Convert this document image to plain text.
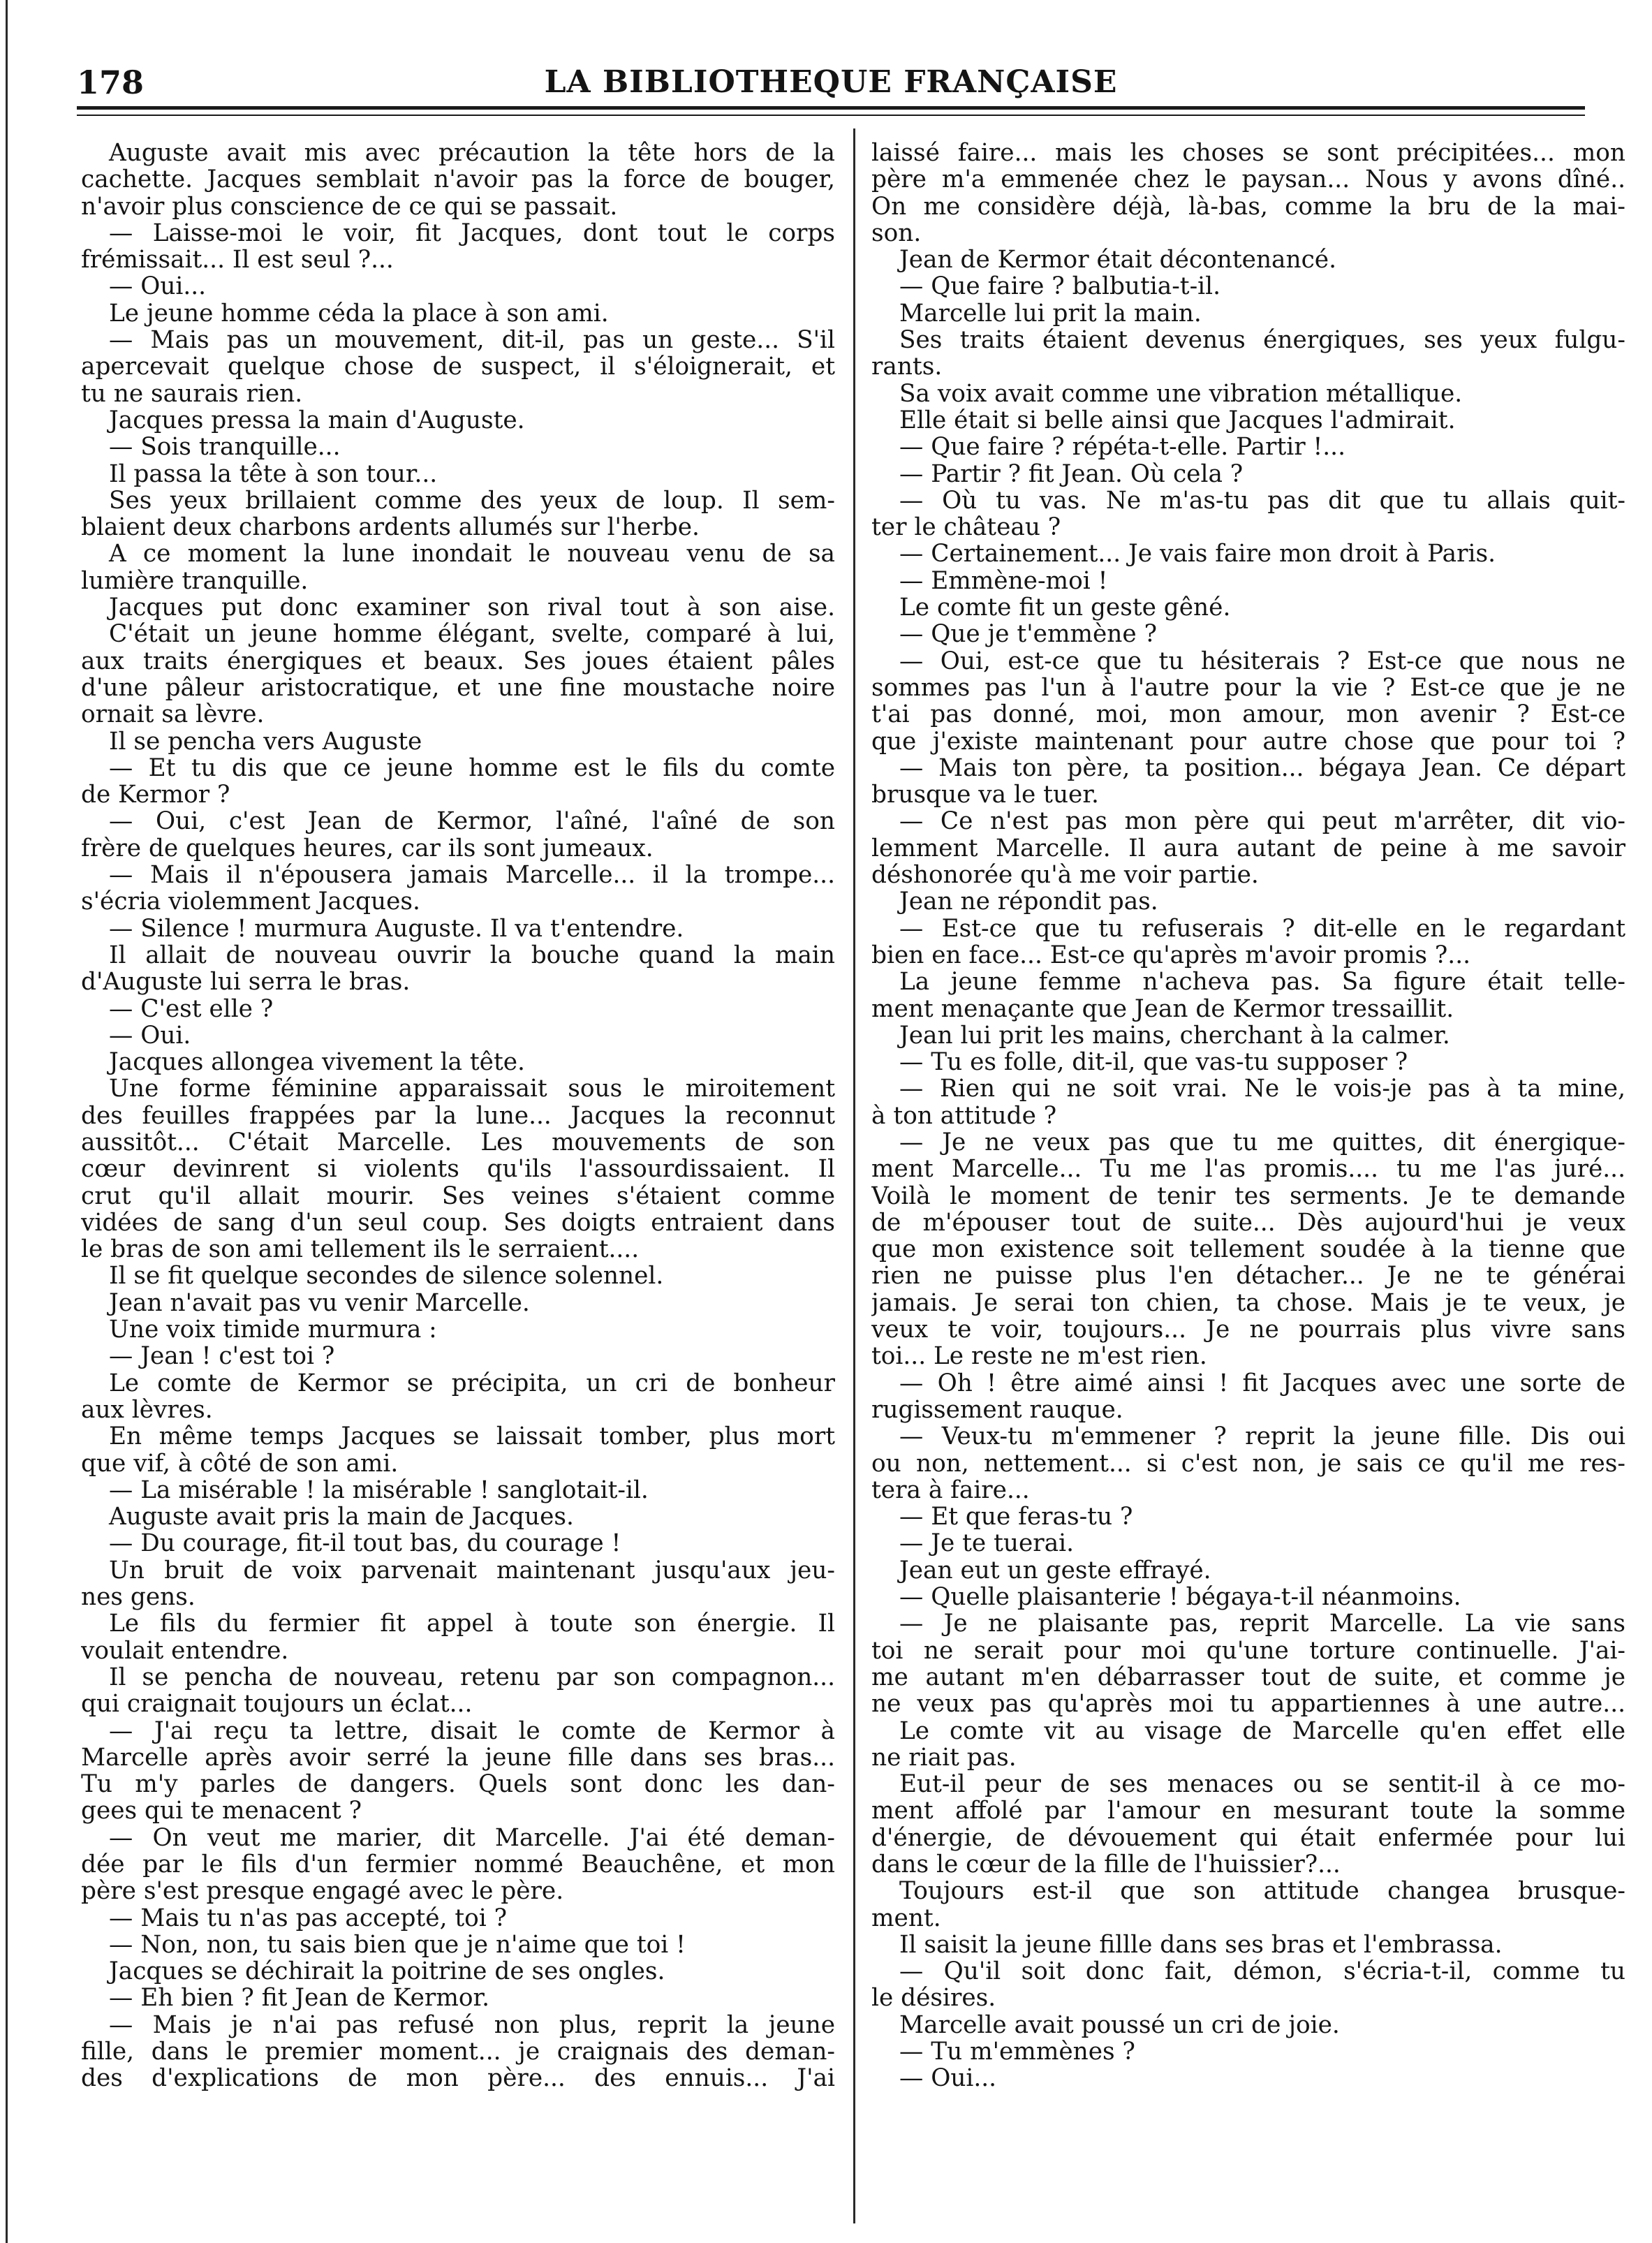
178	LA BIBLIOTHEQUE FRANÇAISE
Auguste avait mis avec précaution la tête hors de la
cachette. Jacques semblait n'avoir pas la force de bouger,
n'avoir plus conscience de ce qui se passait.
— Laisse-moi le voir, fit Jacques, dont tout le corps
frémissait... Il est seul ?...
— Oui...
Le jeune homme céda la place à son ami.
— Mais pas un mouvement, dit-il, pas un geste... S'il
apercevait quelque chose de suspect, il s'éloignerait, et
tu ne saurais rien.
Jacques pressa la main d'Auguste.
— Sois tranquille...
Il passa la tête à son tour...
Ses yeux brillaient comme des yeux de loup. Il sem-
blaient deux charbons ardents allumés sur l'herbe.
A ce moment la lune inondait le nouveau venu de sa
lumière tranquille.
Jacques put donc examiner son rival tout à son aise.
C'était un jeune homme élégant, svelte, comparé à lui,
aux traits énergiques et beaux. Ses joues étaient pâles
d'une pâleur aristocratique, et une fine moustache noire
ornait sa lèvre.
Il se pencha vers Auguste
— Et tu dis que ce jeune homme est le fils du comte
de Kermor ?
— Oui, c'est Jean de Kermor, l'aîné, l'aîné de son
frère de quelques heures, car ils sont jumeaux.
— Mais il n'épousera jamais Marcelle... il la trompe...
s'écria violemment Jacques.
— Silence ! murmura Auguste. Il va t'entendre.
Il allait de nouveau ouvrir la bouche quand la main
d'Auguste lui serra le bras.
— C'est elle ?
— Oui.
Jacques allongea vivement la tête.
Une forme féminine apparaissait sous le miroitement
des feuilles frappées par la lune... Jacques la reconnut
aussitôt... C'était Marcelle. Les mouvements de son
cœur devinrent si violents qu'ils l'assourdissaient. Il
crut qu'il allait mourir. Ses veines s'étaient comme
vidées de sang d'un seul coup. Ses doigts entraient dans
le bras de son ami tellement ils le serraient....
Il se fit quelque secondes de silence solennel.
Jean n'avait pas vu venir Marcelle.
Une voix timide murmura :
— Jean ! c'est toi ?
Le comte de Kermor se précipita, un cri de bonheur
aux lèvres.
En même temps Jacques se laissait tomber, plus mort
que vif, à côté de son ami.
— La misérable ! la misérable ! sanglotait-il.
Auguste avait pris la main de Jacques.
— Du courage, fit-il tout bas, du courage !
Un bruit de voix parvenait maintenant jusqu'aux jeu-
nes gens.
Le fils du fermier fit appel à toute son énergie. Il
voulait entendre.
Il se pencha de nouveau, retenu par son compagnon...
qui craignait toujours un éclat...
— J'ai reçu ta lettre, disait le comte de Kermor à
Marcelle après avoir serré la jeune fille dans ses bras...
Tu m'y parles de dangers. Quels sont donc les dan-
gees qui te menacent ?
— On veut me marier, dit Marcelle. J'ai été deman-
dée par le fils d'un fermier nommé Beauchêne, et mon
père s'est presque engagé avec le père.
— Mais tu n'as pas accepté, toi ?
— Non, non, tu sais bien que je n'aime que toi !
Jacques se déchirait la poitrine de ses ongles.
— Eh bien ? fit Jean de Kermor.
— Mais je n'ai pas refusé non plus, reprit la jeune
fille, dans le premier moment... je craignais des deman-
des d'explications de mon père... des ennuis... J'ai
laissé faire... mais les choses se sont précipitées... mon
père m'a emmenée chez le paysan... Nous y avons dîné..
On me considère déjà, là-bas, comme la bru de la mai-
son.
Jean de Kermor était décontenancé.
— Que faire ? balbutia-t-il.
Marcelle lui prit la main.
Ses traits étaient devenus énergiques, ses yeux fulgu-
rants.
Sa voix avait comme une vibration métallique.
Elle était si belle ainsi que Jacques l'admirait.
— Que faire ? répéta-t-elle. Partir !...
— Partir ? fit Jean. Où cela ?
— Où tu vas. Ne m'as-tu pas dit que tu allais quit-
ter le château ?
— Certainement... Je vais faire mon droit à Paris.
— Emmène-moi !
Le comte fit un geste gêné.
— Que je t'emmène ?
— Oui, est-ce que tu hésiterais ? Est-ce que nous ne
sommes pas l'un à l'autre pour la vie ? Est-ce que je ne
t'ai pas donné, moi, mon amour, mon avenir ? Est-ce
que j'existe maintenant pour autre chose que pour toi ?
— Mais ton père, ta position... bégaya Jean. Ce départ
brusque va le tuer.
— Ce n'est pas mon père qui peut m'arrêter, dit vio-
lemment Marcelle. Il aura autant de peine à me savoir
déshonorée qu'à me voir partie.
Jean ne répondit pas.
— Est-ce que tu refuserais ? dit-elle en le regardant
bien en face... Est-ce qu'après m'avoir promis ?...
La jeune femme n'acheva pas. Sa figure était telle-
ment menaçante que Jean de Kermor tressaillit.
Jean lui prit les mains, cherchant à la calmer.
— Tu es folle, dit-il, que vas-tu supposer ?
— Rien qui ne soit vrai. Ne le vois-je pas à ta mine,
à ton attitude ?
— Je ne veux pas que tu me quittes, dit énergique-
ment Marcelle... Tu me l'as promis.... tu me l'as juré...
Voilà le moment de tenir tes serments. Je te demande
de m'épouser tout de suite... Dès aujourd'hui je veux
que mon existence soit tellement soudée à la tienne que
rien ne puisse plus l'en détacher... Je ne te générai
jamais. Je serai ton chien, ta chose. Mais je te veux, je
veux te voir, toujours... Je ne pourrais plus vivre sans
toi... Le reste ne m'est rien.
— Oh ! être aimé ainsi ! fit Jacques avec une sorte de
rugissement rauque.
— Veux-tu m'emmener ? reprit la jeune fille. Dis oui
ou non, nettement... si c'est non, je sais ce qu'il me res-
tera à faire...
— Et que feras-tu ?
— Je te tuerai.
Jean eut un geste effrayé.
— Quelle plaisanterie ! bégaya-t-il néanmoins.
— Je ne plaisante pas, reprit Marcelle. La vie sans
toi ne serait pour moi qu'une torture continuelle. J'ai-
me autant m'en débarrasser tout de suite, et comme je
ne veux pas qu'après moi tu appartiennes à une autre...
Le comte vit au visage de Marcelle qu'en effet elle
ne riait pas.
Eut-il peur de ses menaces ou se sentit-il à ce mo-
ment affolé par l'amour en mesurant toute la somme
d'énergie, de dévouement qui était enfermée pour lui
dans le cœur de la fille de l'huissier?...
Toujours est-il que son attitude changea brusque-
ment.
Il saisit la jeune fillle dans ses bras et l'embrassa.
— Qu'il soit donc fait, démon, s'écria-t-il, comme tu
le désires.
Marcelle avait poussé un cri de joie.
— Tu m'emmènes ?
— Oui...
